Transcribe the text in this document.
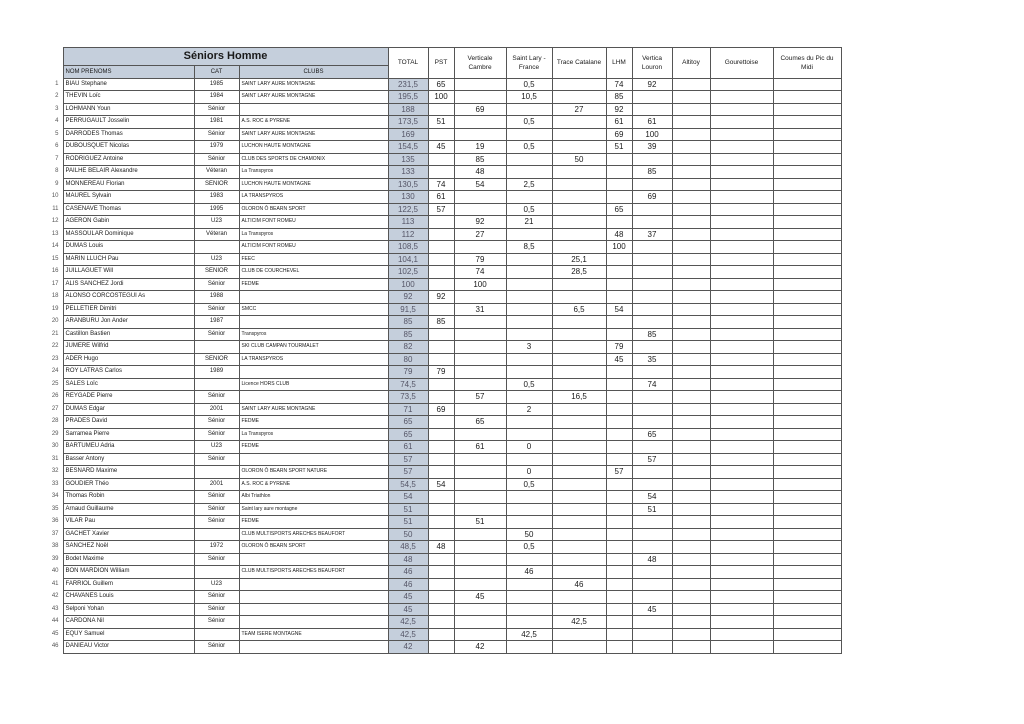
	Séniors Homme			TOTAL	PST	Verticale Cambre	Saint Lary - France	Trace Catalane	LHM	Vertica Louron	Altitoy	Gourettoise	Coumes du Pic du Midi
	NOM PRENOMS	CAT	CLUBS										
1	BIAU Stephane	1985	SAINT LARY AURE MONTAGNE	231,5	65		0,5		74	92			
2	THEVIN Loïc	1984	SAINT LARY AURE MONTAGNE	195,5	100		10,5		85				
3	LOHMANN Youn	Sénior		188		69		27	92				
4	PERRUGAULT Josselin	1981	A.S. ROC & PYRENE	173,5	51		0,5		61	61			
5	DARRODES Thomas	Sénior	SAINT LARY AURE MONTAGNE	169					69	100			
6	DUBOUSQUET Nicolas	1979	LUCHON HAUTE MONTAGNE	154,5	45	19	0,5		51	39			
7	RODRIGUEZ Antoine	Sénior	CLUB DES SPORTS DE CHAMONIX	135		85		50					
8	PAILHE BELAIR Alexandre	Véteran	La Transpyros	133		48				85			
9	MONNEREAU Florian	SENIOR	LUCHON HAUTE MONTAGNE	130,5	74	54	2,5						
10	MAUREL Sylvain	1983	LA TRANSPYROS	130	61					69			
11	CASENAVE Thomas	1995	OLORON Ô BEARN SPORT	122,5	57		0,5		65				
12	AGERON Gabin	U23	ALTICIM FONT ROMEU	113		92	21						
13	MASSOULAR Dominique	Véteran	La Transpyros	112		27			48	37			
14	DUMAS Louis		ALTICIM FONT ROMEU	108,5			8,5		100				
15	MARIN LLUCH Pau	U23	FEEC	104,1		79		25,1					
16	JUILLAGUET Will	SENIOR	CLUB DE COURCHEVEL	102,5		74		28,5					
17	ALIS SANCHEZ Jordi	Sénior	FEDME	100		100							
18	ALONSO CORCOSTEGUI As	1988		92	92								
19	PELLETIER Dimitri	Sénior	SMCC	91,5		31		6,5	54				
20	ARANBURU Jon Ander	1987		85	85								
21	Castillon Bastien	Sénior	Transpyros	85						85			
22	JUMERE Wilfrid		SKI CLUB CAMPAN TOURMALET	82			3		79				
23	ADER Hugo	SENIOR	LA TRANSPYROS	80					45	35			
24	ROY LATRAS Carlos	1989		79	79								
25	SALES Loïc		Licence HORS CLUB	74,5			0,5			74			
26	REYGADE Pierre	Sénior		73,5		57		16,5					
27	DUMAS Edgar	2001	SAINT LARY AURE MONTAGNE	71	69		2						
28	PRADES David	Sénior	FEDME	65		65							
29	Sarramea Pierre	Sénior	La Transpyros	65						65			
30	BARTUMEU Adria	U23	FEDME	61		61	0						
31	Basser Antony	Sénior		57						57			
32	BESNARD Maxime		OLORON Ô BEARN SPORT NATURE	57			0		57				
33	GOUDIER Théo	2001	A.S. ROC & PYRENE	54,5	54		0,5						
34	Thomas Robin	Sénior	Albi Triathlon	54						54			
35	Arnaud Guillaume	Sénior	Saint lary aure montagne	51						51			
36	VILAR Pau	Sénior	FEDME	51		51							
37	GACHET Xavier		CLUB MULTISPORTS ARECHES BEAUFORT	50			50						
38	SANCHEZ Noël	1972	OLORON Ô BEARN SPORT	48,5	48		0,5						
39	Bodet Maxime	Sénior		48						48			
40	BON MARDION William		CLUB MULTISPORTS ARECHES BEAUFORT	46			46						
41	FARRIOL Guillem	U23		46				46					
42	CHAVANES Louis	Sénior		45		45							
43	Selponi Yohan	Sénior		45						45			
44	CARDONA Nil	Sénior		42,5				42,5					
45	EQUY Samuel		TEAM ISERE MONTAGNE	42,5			42,5						
46	DANIEAU Victor	Sénior		42		42							
